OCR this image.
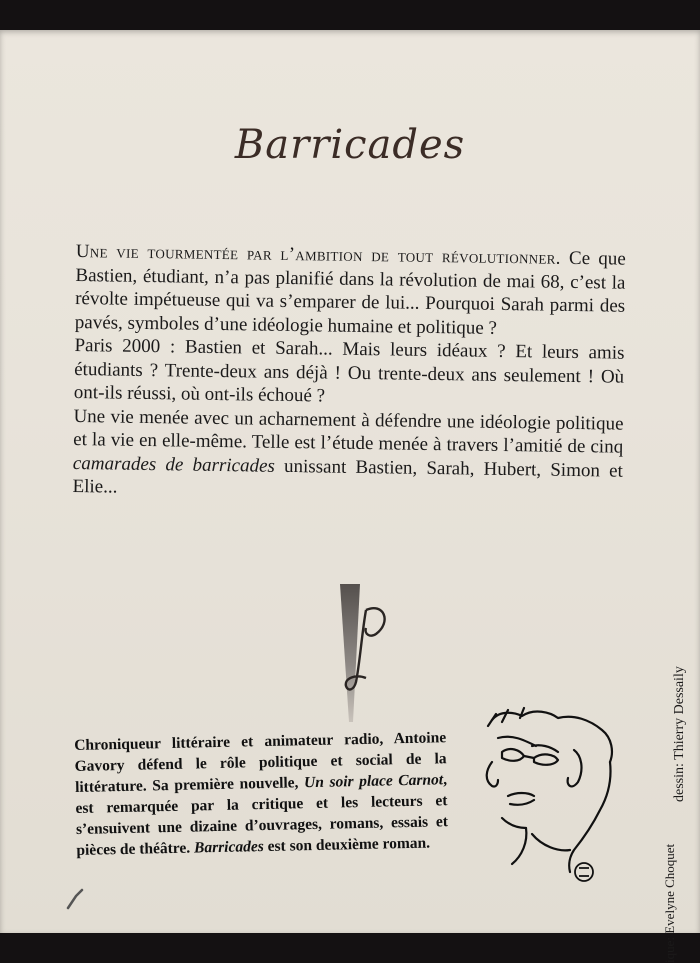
Barricades

Une vie tourmentée par l’ambition de tout révolutionner. Ce que Bastien, étudiant, n’a pas planifié dans la révolution de mai 68, c’est la révolte impétueuse qui va s’emparer de lui... Pourquoi Sarah parmi des pavés, symboles d’une idéologie humaine et politique ?

Paris 2000 : Bastien et Sarah... Mais leurs idéaux ? Et leurs amis étudiants ? Trente-deux ans déjà ! Ou trente-deux ans seulement ! Où ont-ils réussi, où ont-ils échoué ?

Une vie menée avec un acharnement à défendre une idéologie politique et la vie en elle-même. Telle est l’étude menée à travers l’amitié de cinq camarades de barricades unissant Bastien, Sarah, Hubert, Simon et Elie...

Chroniqueur littéraire et animateur radio, Antoine Gavory défend le rôle politique et social de la littérature. Sa première nouvelle, Un soir place Carnot, est remarquée par la critique et les lecteurs et s’ensuivent une dizaine d’ouvrages, romans, essais et pièces de théâtre. Barricades est son deuxième roman.

dessin: Thierry Dessaily
ique: Evelyne Choquet
